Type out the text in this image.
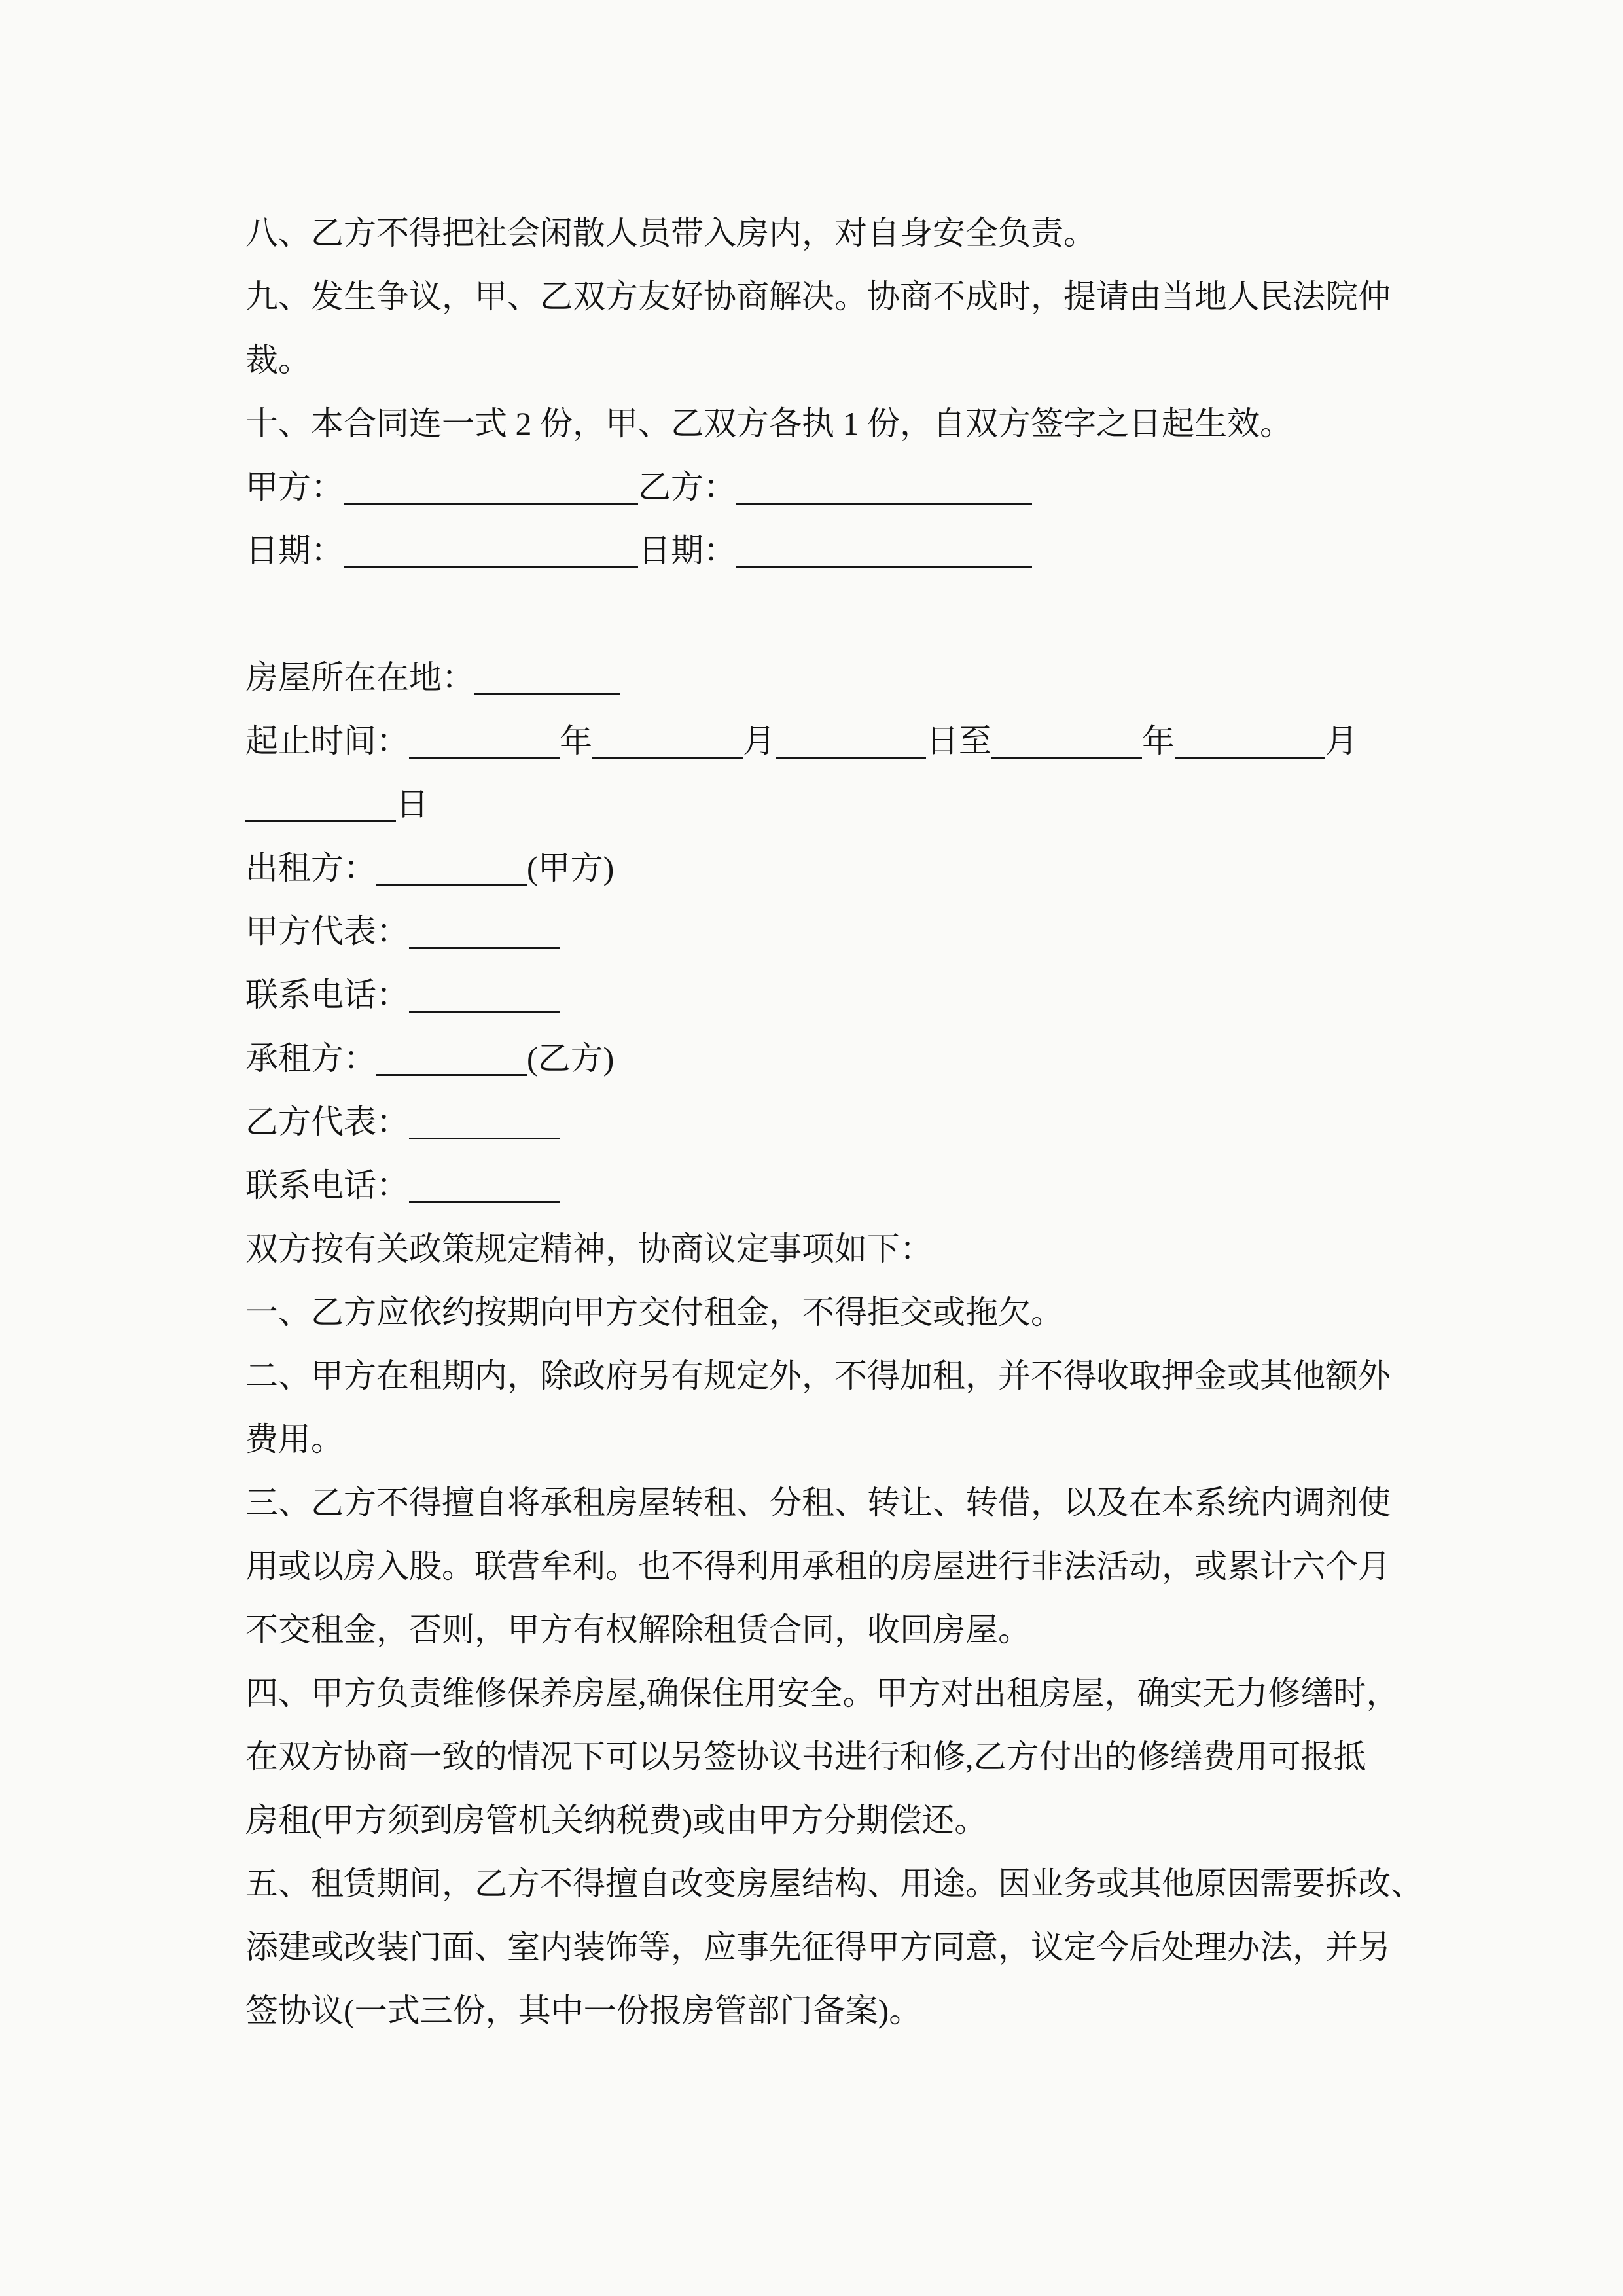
八、乙方不得把社会闲散人员带入房内，对自身安全负责。

九、发生争议，甲、乙双方友好协商解决。协商不成时，提请由当地人民法院仲

裁。

十、本合同连一式 2 份，甲、乙双方各执 1 份，自双方签字之日起生效。

甲方：	乙方：

日期：	日期：

房屋所在在地：

起止时间：	年	月	日至	年	月

日

出租方：	(甲方)

甲方代表：

联系电话：

承租方：	(乙方)

乙方代表：

联系电话：

双方按有关政策规定精神，协商议定事项如下：

一、乙方应依约按期向甲方交付租金，不得拒交或拖欠。

二、甲方在租期内，除政府另有规定外，不得加租，并不得收取押金或其他额外

费用。

三、乙方不得擅自将承租房屋转租、分租、转让、转借，以及在本系统内调剂使

用或以房入股。联营牟利。也不得利用承租的房屋进行非法活动，或累计六个月

不交租金，否则，甲方有权解除租赁合同，收回房屋。

四、甲方负责维修保养房屋,确保住用安全。甲方对出租房屋，确实无力修缮时，

在双方协商一致的情况下可以另签协议书进行和修,乙方付出的修缮费用可报抵

房租(甲方须到房管机关纳税费)或由甲方分期偿还。

五、租赁期间，乙方不得擅自改变房屋结构、用途。因业务或其他原因需要拆改、

添建或改装门面、室内装饰等，应事先征得甲方同意，议定今后处理办法，并另

签协议(一式三份，其中一份报房管部门备案)。
